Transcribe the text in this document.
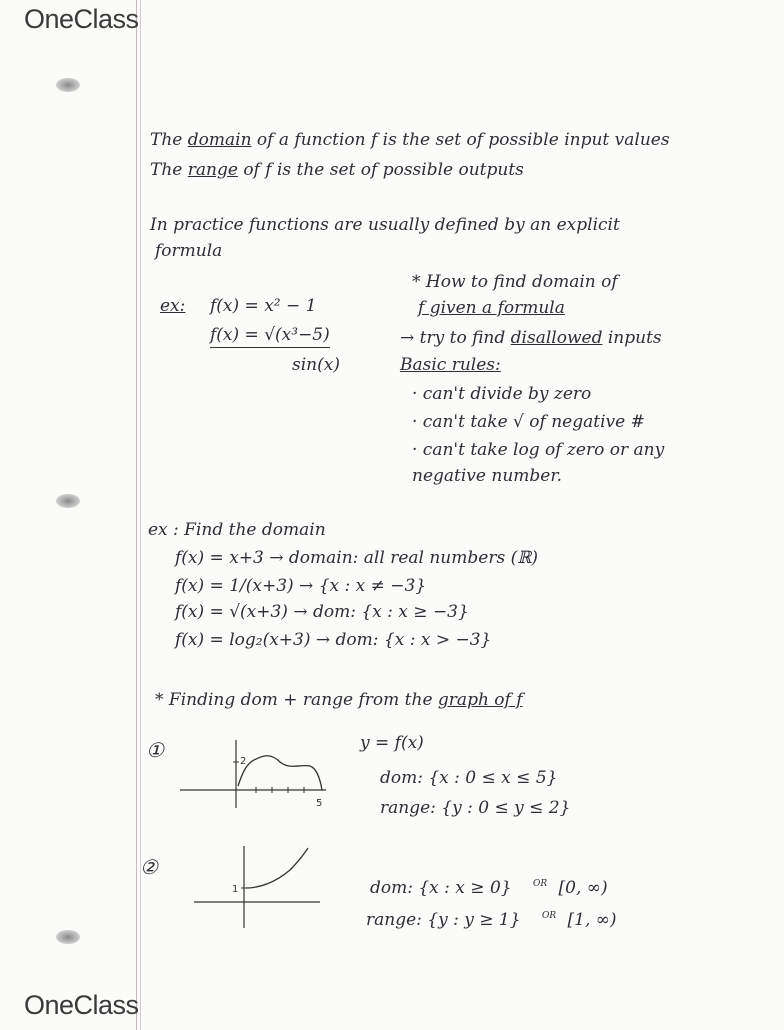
OneClass
OneClass
The domain of a function f is the set of possible input values
The range of f is the set of possible outputs
In practice functions are usually defined by an explicit
formula
ex: f(x) = x² − 1
f(x) = √(x³−5)
sin(x)
* How to find domain of
f given a formula
→ try to find disallowed inputs
Basic rules:
· can't divide by zero
· can't take √ of negative #
· can't take log of zero or any
negative number.
ex : Find the domain
f(x) = x+3 → domain: all real numbers (ℝ)
f(x) = 1/(x+3) → {x : x ≠ −3}
f(x) = √(x+3) → dom: {x : x ≥ −3}
f(x) = log₂(x+3) → dom: {x : x > −3}
* Finding dom + range from the graph of f
①	y = f(x)
2
5
dom: {x : 0 ≤ x ≤ 5}
range: {y : 0 ≤ y ≤ 2}
②
1	dom: {x : x ≥ 0} $^{OR}$ [0, ∞)
range: {y : y ≥ 1} $^{OR}$ [1, ∞)
